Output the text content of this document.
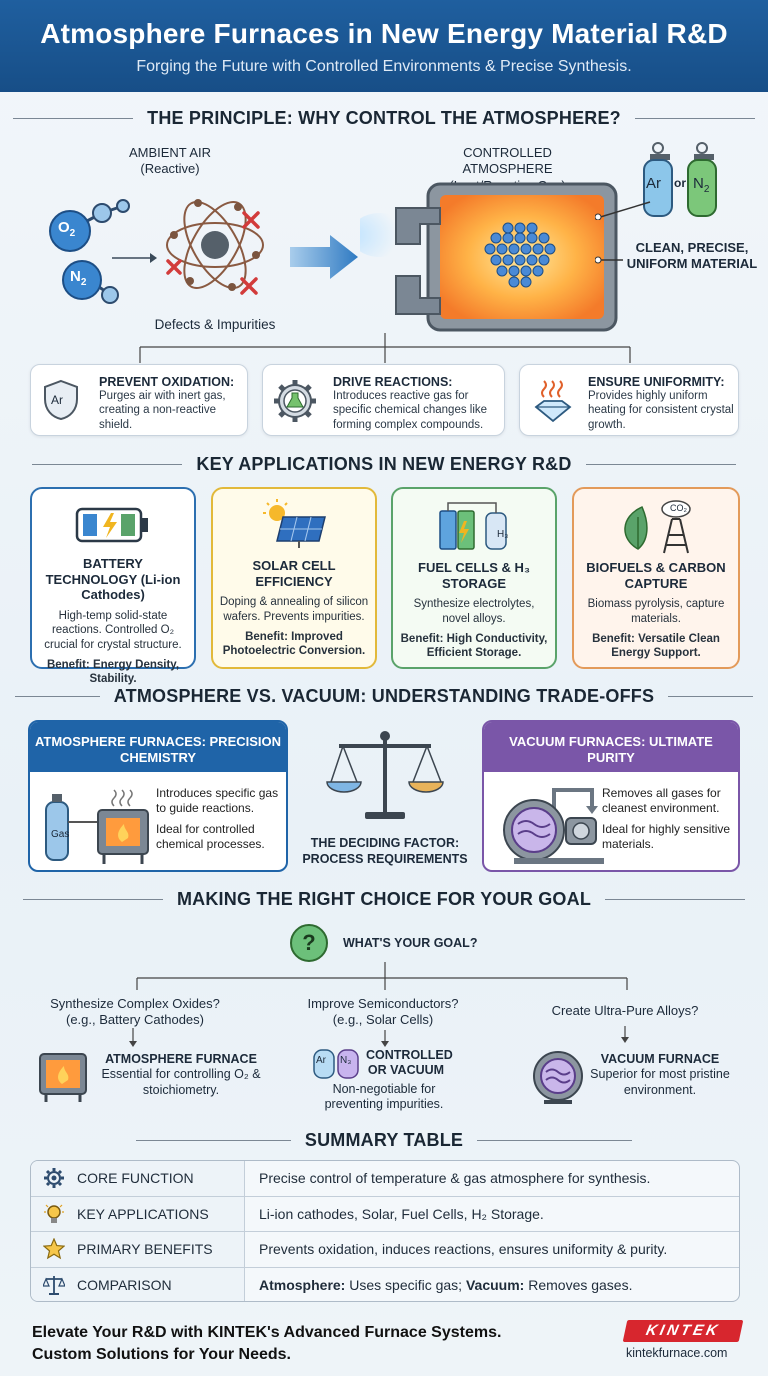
Atmosphere Furnaces in New Energy Material R&D

Forging the Future with Controlled Environments & Precise Synthesis.

THE PRINCIPLE: WHY CONTROL THE ATMOSPHERE?
AMBIENT AIR
(Reactive)
$O_2$
$N_2$
Defects & Impurities
CONTROLLED ATMOSPHERE
Ar or $N_2$
CLEAN, PRECISE, UNIFORM MATERIAL
Ar
PREVENT OXIDATION:
Purges air with inert gas, creating a non-reactive shield.
DRIVE REACTIONS:
Introduces reactive gas for specific chemical changes like forming complex compounds.
ENSURE UNIFORMITY:
Provides highly uniform heating for consistent crystal growth.
KEY APPLICATIONS IN NEW ENERGY R&D
BATTERY TECHNOLOGY (Li-ion Cathodes)
High-temp solid-state reactions. Controlled O₂ crucial for crystal structure.
Benefit: Energy Density, Stability.
SOLAR CELL EFFICIENCY
Doping & annealing of silicon wafers. Prevents impurities.
Benefit: Improved Photoelectric Conversion.
H₃
FUEL CELLS & H₃ STORAGE
Synthesize electrolytes, novel alloys.
Benefit: High Conductivity, Efficient Storage.
CO₂
BIOFUELS & CARBON CAPTURE
Biomass pyrolysis, capture materials.
Benefit: Versatile Clean Energy Support.
ATMOSPHERE VS. VACUUM: UNDERSTANDING TRADE-OFFS
ATMOSPHERE FURNACES: PRECISION CHEMISTRY
Gas
Introduces specific gas to guide reactions.
Ideal for controlled chemical processes.	THE DECIDING FACTOR: PROCESS REQUIREMENTS
VACUUM FURNACES: ULTIMATE PURITY
Removes all gases for cleanest environment.
Ideal for highly sensitive materials.
MAKING THE RIGHT CHOICE FOR YOUR GOAL
?	WHAT'S YOUR GOAL?
Synthesize Complex Oxides?
(e.g., Battery Cathodes)
Improve Semiconductors?
(e.g., Solar Cells)
Create Ultra-Pure Alloys?
ATMOSPHERE FURNACE
Essential for controlling O₂ & stoichiometry.
Ar N₃ CONTROLLED OR VACUUM
Non-negotiable for preventing impurities.
VACUUM FURNACE
Superior for most pristine environment.
SUMMARY TABLE
CORE FUNCTION	Precise control of temperature & gas atmosphere for synthesis.
KEY APPLICATIONS	Li-ion cathodes, Solar, Fuel Cells, H₂ Storage.
PRIMARY BENEFITS	Prevents oxidation, induces reactions, ensures uniformity & purity.
COMPARISON	Atmosphere: Uses specific gas; Vacuum: Removes gases.
Elevate Your R&D with KINTEK's Advanced Furnace Systems.
Custom Solutions for Your Needs.
KINTEK
kintekfurnace.com
